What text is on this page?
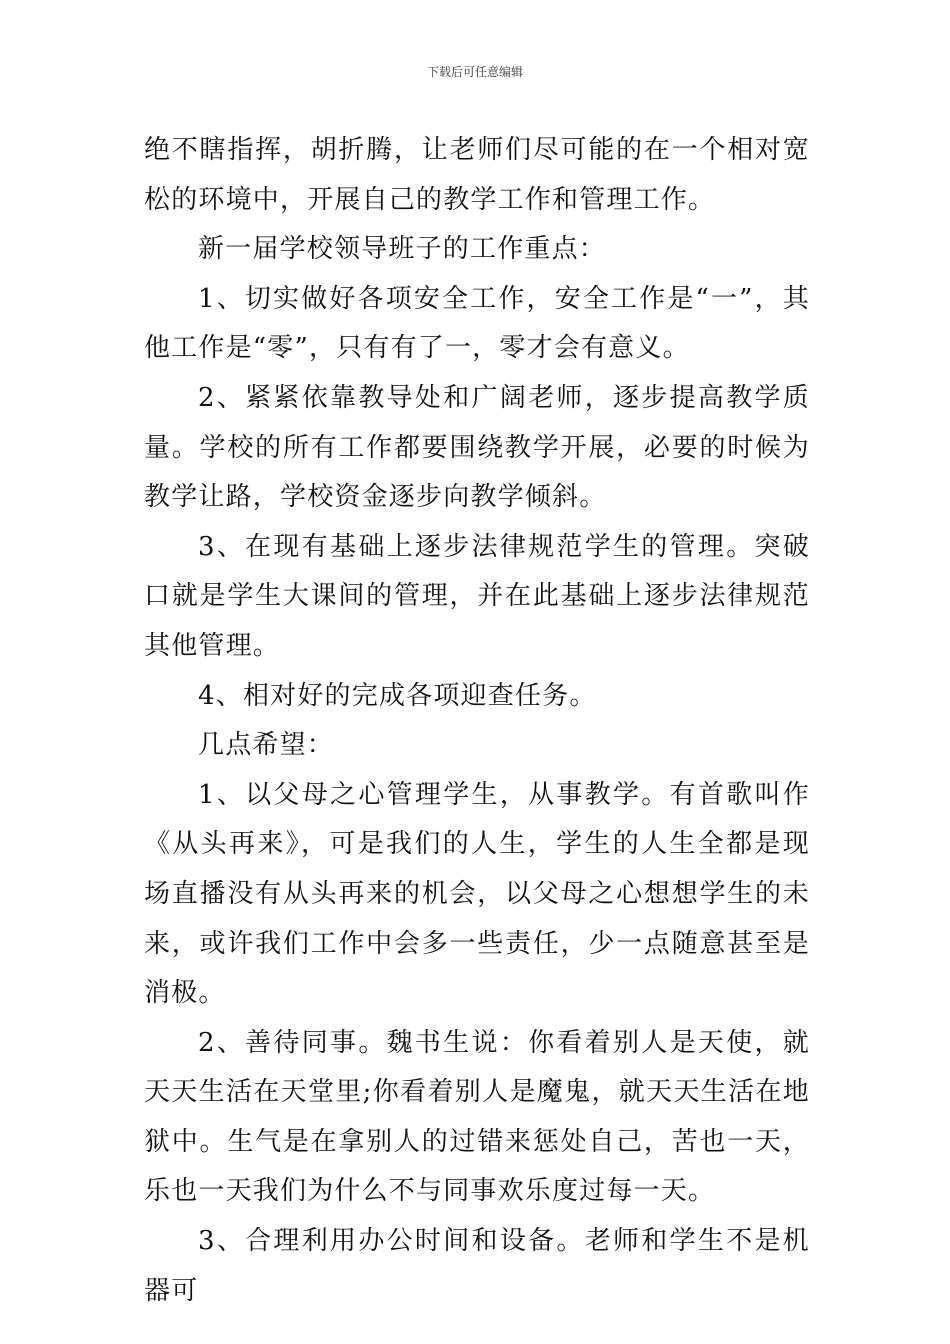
下载后可任意编辑

绝不瞎指挥，胡折腾，让老师们尽可能的在一个相对宽松的环境中，开展自己的教学工作和管理工作。

新一届学校领导班子的工作重点：

1、切实做好各项安全工作，安全工作是“一”，其他工作是“零”，只有有了一，零才会有意义。

2、紧紧依靠教导处和广阔老师，逐步提高教学质量。学校的所有工作都要围绕教学开展，必要的时候为教学让路，学校资金逐步向教学倾斜。

3、在现有基础上逐步法律规范学生的管理。突破口就是学生大课间的管理，并在此基础上逐步法律规范其他管理。

4、相对好的完成各项迎查任务。

几点希望：

1、以父母之心管理学生，从事教学。有首歌叫作《从头再来》，可是我们的人生，学生的人生全都是现场直播没有从头再来的机会，以父母之心想想学生的未来，或许我们工作中会多一些责任，少一点随意甚至是消极。

2、善待同事。魏书生说：你看着别人是天使，就天天生活在天堂里;你看着别人是魔鬼，就天天生活在地狱中。生气是在拿别人的过错来惩处自己，苦也一天，乐也一天我们为什么不与同事欢乐度过每一天。

3、合理利用办公时间和设备。老师和学生不是机器可
